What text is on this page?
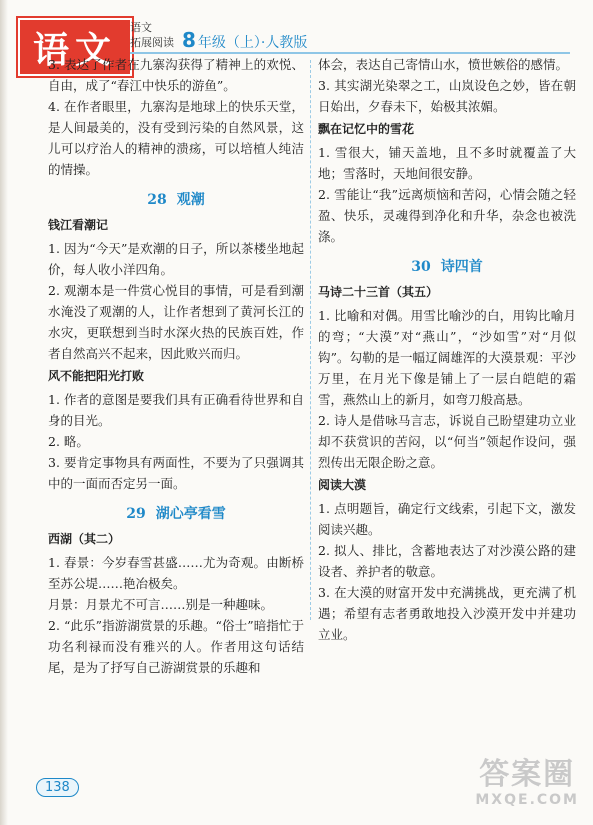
语文
语文
拓展阅读 8 年级（上）·人教版

3. 表达了作者在九寨沟获得了精神上的欢悦、自由，成了“春江中快乐的游鱼”。

4. 在作者眼里，九寨沟是地球上的快乐天堂，是人间最美的，没有受到污染的自然风景，这儿可以疗治人的精神的溃疡，可以培植人纯洁的情操。

28 观潮
钱江看潮记

1. 因为“今天”是欢潮的日子，所以茶楼坐地起价，每人收小洋四角。

2. 观潮本是一件赏心悦目的事情，可是看到潮水淹没了观潮的人，让作者想到了黄河长江的水灾，更联想到当时水深火热的民族百姓，作者自然高兴不起来，因此败兴而归。

风不能把阳光打败

1. 作者的意图是要我们具有正确看待世界和自身的目光。

2. 略。

3. 要肯定事物具有两面性，不要为了只强调其中的一面而否定另一面。

29 湖心亭看雪
西湖（其二）

1. 春景：今岁春雪甚盛……尤为奇观。由断桥至苏公堤……艳冶极矣。

月景：月景尤不可言……别是一种趣味。

2. “此乐”指游湖赏景的乐趣。“俗士”暗指忙于功名利禄而没有雅兴的人。作者用这句话结尾，是为了抒写自己游湖赏景的乐趣和

体会，表达自己寄情山水，愤世嫉俗的感情。

3. 其实湖光染翠之工，山岚设色之妙，皆在朝日始出，夕春未下，始极其浓媚。

飘在记忆中的雪花

1. 雪很大，铺天盖地，且不多时就覆盖了大地；雪落时，天地间很安静。

2. 雪能让“我”远离烦恼和苦闷，心情会随之轻盈、快乐，灵魂得到净化和升华，杂念也被洗涤。

30 诗四首
马诗二十三首（其五）

1. 比喻和对偶。用雪比喻沙的白，用钩比喻月的弯；“大漠”对“燕山”，“沙如雪”对“月似钩”。勾勒的是一幅辽阔雄浑的大漠景观：平沙万里，在月光下像是铺上了一层白皑皑的霜雪，燕然山上的新月，如弯刀般高悬。

2. 诗人是借咏马言志，诉说自己盼望建功立业却不获赏识的苦闷，以“何当”领起作设问，强烈传出无限企盼之意。

阅读大漠

1. 点明题旨，确定行文线索，引起下文，激发阅读兴趣。

2. 拟人、排比，含蓄地表达了对沙漠公路的建设者、养护者的敬意。

3. 在大漠的财富开发中充满挑战，更充满了机遇；希望有志者勇敢地投入沙漠开发中并建功立业。

138	答案圈
MXQE.COM
